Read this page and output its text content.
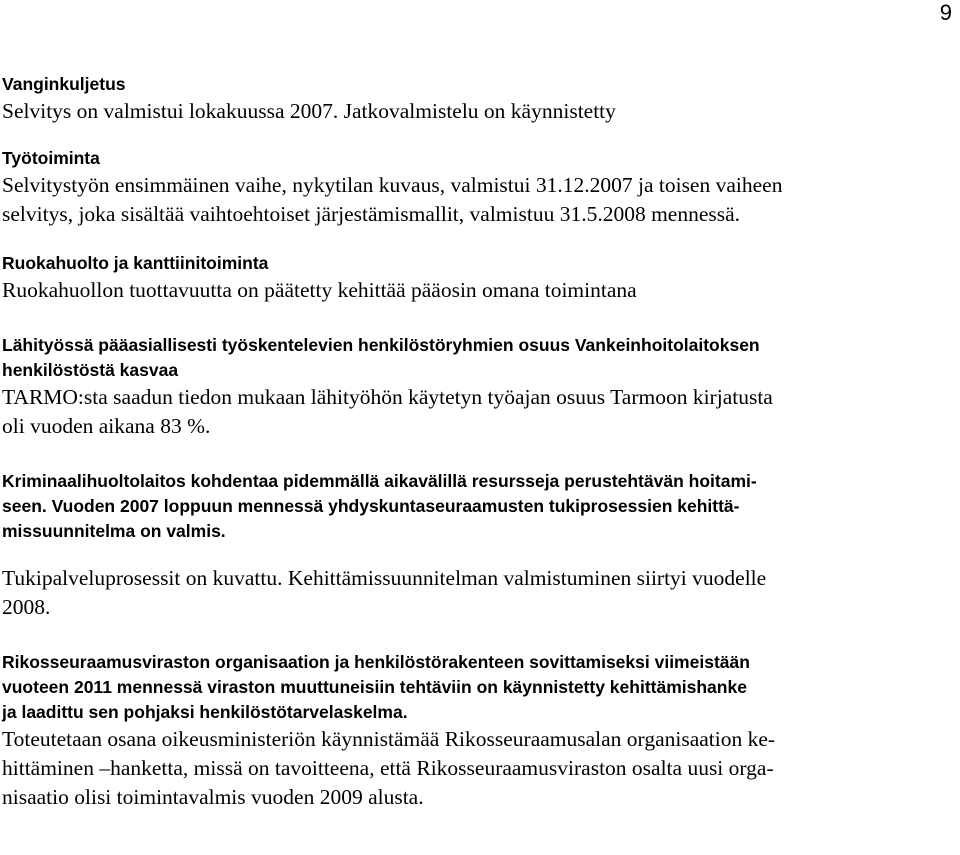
9

Vanginkuljetus

Selvitys on valmistui lokakuussa 2007. Jatkovalmistelu on käynnistetty

Työtoiminta

Selvitystyön ensimmäinen vaihe, nykytilan kuvaus, valmistui 31.12.2007 ja toisen vaiheen
selvitys, joka sisältää vaihtoehtoiset järjestämismallit, valmistuu 31.5.2008 mennessä.

Ruokahuolto ja kanttiinitoiminta

Ruokahuollon tuottavuutta on päätetty kehittää pääosin omana toimintana

Lähityössä pääasiallisesti työskentelevien henkilöstöryhmien osuus Vankeinhoitolaitoksen
henkilöstöstä kasvaa

TARMO:sta saadun tiedon mukaan lähityöhön käytetyn työajan osuus Tarmoon kirjatusta
oli vuoden aikana 83 %.

Kriminaalihuoltolaitos kohdentaa pidemmällä aikavälillä resursseja perustehtävän hoitami-
seen. Vuoden 2007 loppuun mennessä yhdyskuntaseuraamusten tukiprosessien kehittä-
missuunnitelma on valmis.

Tukipalveluprosessit on kuvattu. Kehittämissuunnitelman valmistuminen siirtyi vuodelle
2008.

Rikosseuraamusviraston organisaation ja henkilöstörakenteen sovittamiseksi viimeistään
vuoteen 2011 mennessä viraston muuttuneisiin tehtäviin on käynnistetty kehittämishanke
ja laadittu sen pohjaksi henkilöstötarvelaskelma.

Toteutetaan osana oikeusministeriön käynnistämää Rikosseuraamusalan organisaation ke-
hittäminen –hanketta, missä on tavoitteena, että Rikosseuraamusviraston osalta uusi orga-
nisaatio olisi toimintavalmis vuoden 2009 alusta.
